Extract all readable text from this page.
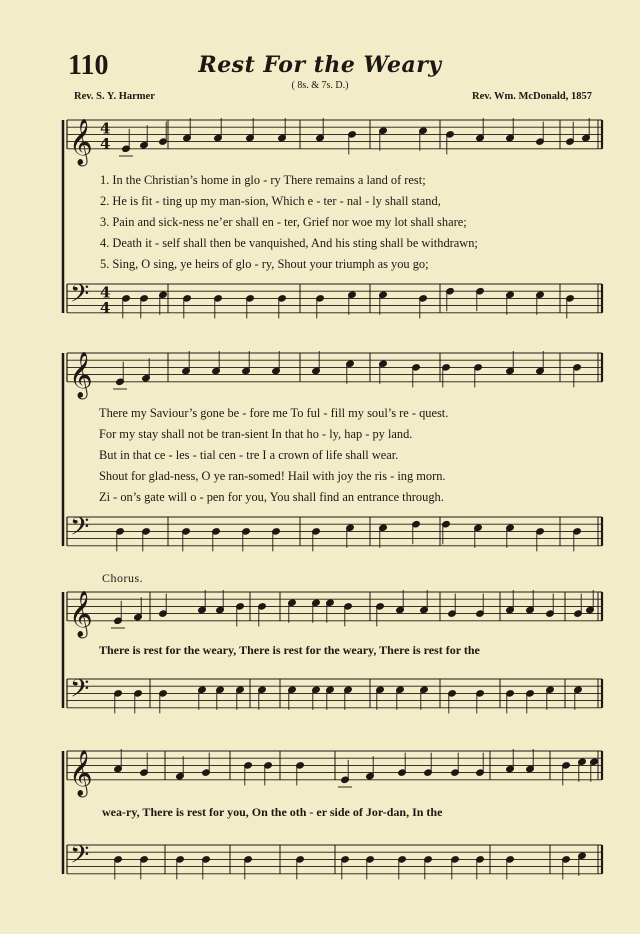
110	Rest For the Weary
( 8s. & 7s. D.)
Rev. S. Y. Harmer	Rev. Wm. McDonald, 1857
𝄞 4
4
𝄢 4
4
𝄞
𝄢
𝄞
𝄢
𝄞
𝄢
1. In the Christian’s home in glo - ry There remains a land of rest;
2. He is fit - ting up my man-sion, Which e - ter - nal - ly shall stand,
3. Pain and sick-ness ne’er shall en - ter, Grief nor woe my lot shall share;
4. Death it - self shall then be vanquished, And his sting shall be withdrawn;
5. Sing, O sing, ye heirs of glo - ry, Shout your triumph as you go;
There my Saviour’s gone be - fore me To ful - fill my soul’s re - quest.
For my stay shall not be tran-sient In that ho - ly, hap - py land.
But in that ce - les - tial cen - tre I a crown of life shall wear.
Shout for glad-ness, O ye ran-somed! Hail with joy the ris - ing morn.
Zi - on’s gate will o - pen for you, You shall find an entrance through.
Chorus.
There is rest for the weary, There is rest for the weary, There is rest for the
wea-ry, There is rest for you, On the oth - er side of Jor-dan, In the
